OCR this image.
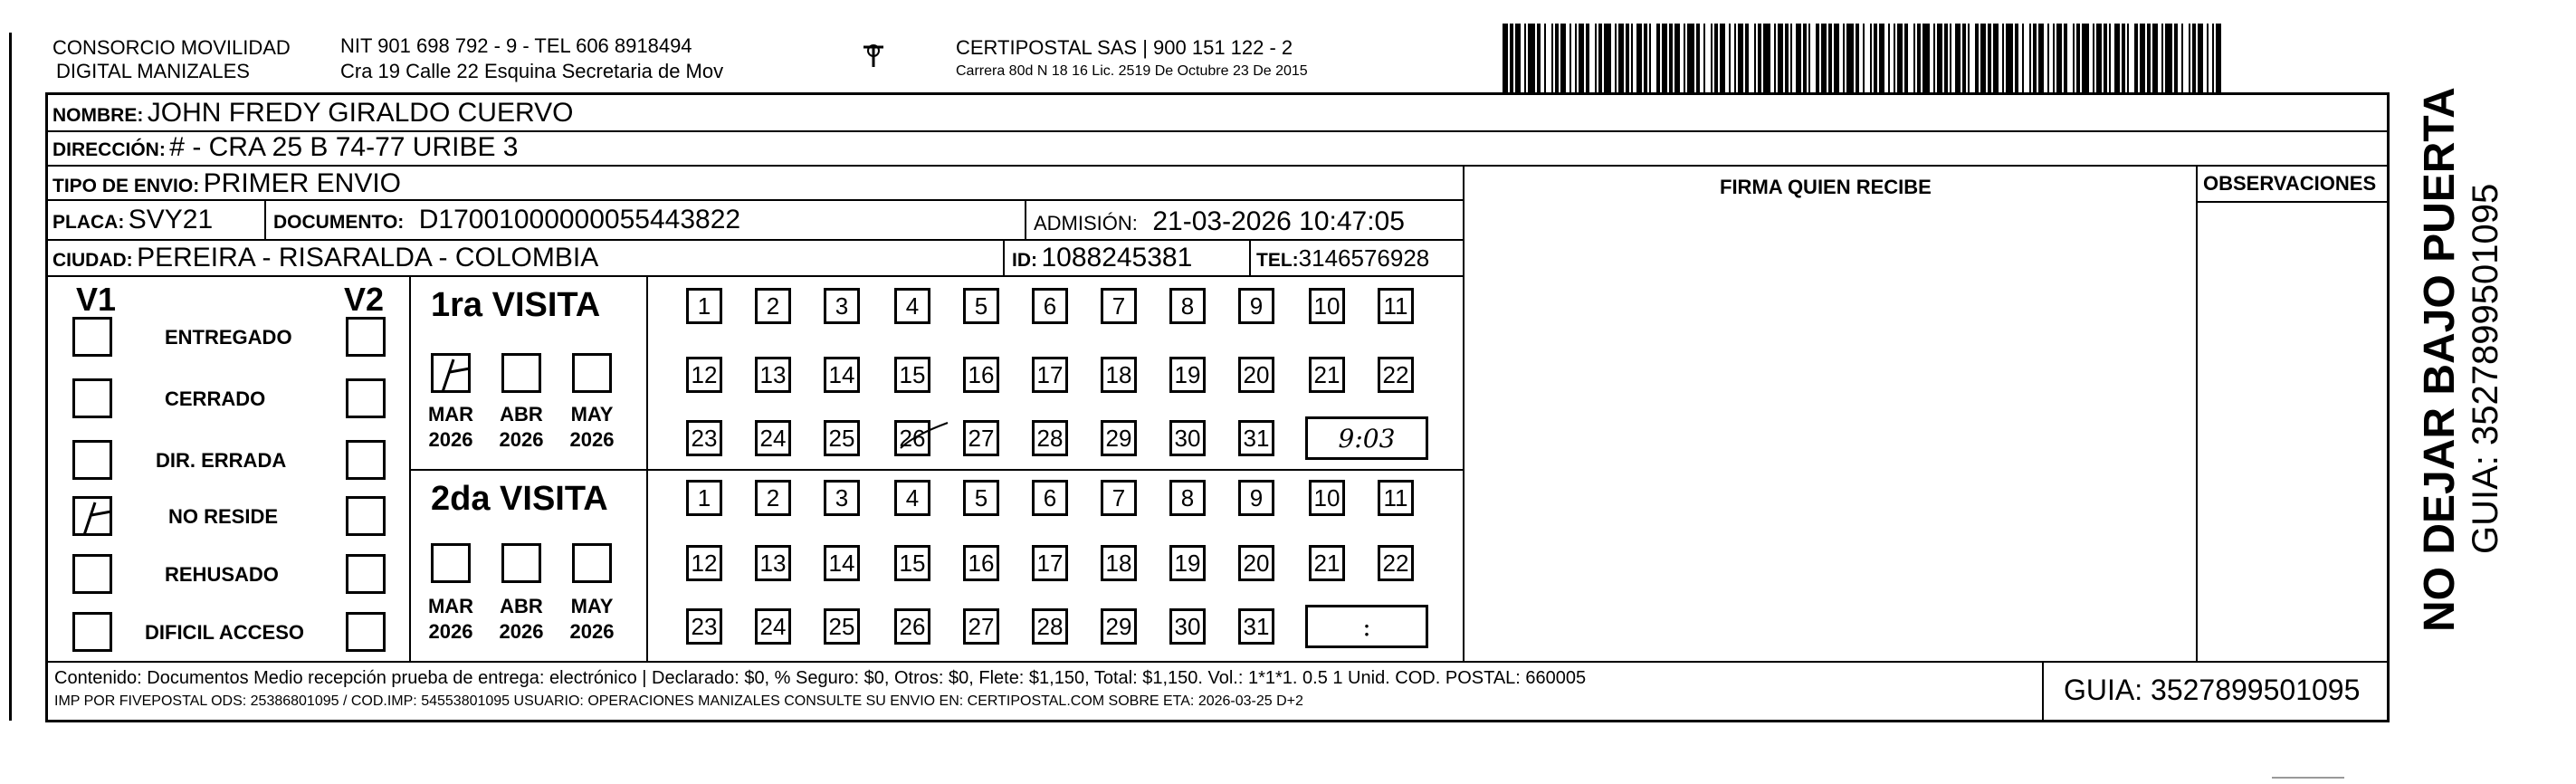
CONSORCIO MOVILIDAD
DIGITAL MANIZALES
NIT 901 698 792 - 9 - TEL 606 8918494
Cra 19 Calle 22 Esquina Secretaria de Mov
CERTIPOSTAL SAS | 900 151 122 - 2
Carrera 80d N 18 16 Lic. 2519 De Octubre 23 De 2015
NOMBRE: JOHN FREDY GIRALDO CUERVO
DIRECCIÓN: # - CRA 25 B 74-77 URIBE 3
TIPO DE ENVIO: PRIMER ENVIO	FIRMA QUIEN RECIBE	OBSERVACIONES
PLACA: SVY21	DOCUMENTO: D17001000000055443822	ADMISIÓN: 21-03-2026 10:47:05
CIUDAD: PEREIRA - RISARALDA - COLOMBIA	ID: 1088245381	TEL:3146576928
V1	V2
ENTREGADO
CERRADO
DIR. ERRADA
NO RESIDE
REHUSADO
DIFICIL ACCESO
1ra VISITA
2da VISITA
MAR
2026
ABR
2026
MAY
2026
MAR
2026
ABR
2026
MAY
2026
1	2	3	4	5	6	7	8	9	10 11
12 13 14 15 16 17 18 19 20 21 22
23 24 25 26 27 28 29 30 31	9:03
1	2	3	4	5	6	7	8	9	10 11
12 13 14 15 16 17 18 19 20 21 22
23 24 25 26 27 28 29 30 31	:
Contenido: Documentos Medio recepción prueba de entrega: electrónico | Declarado: $0, % Seguro: $0, Otros: $0, Flete: $1,150, Total: $1,150. Vol.: 1*1*1. 0.5 1 Unid. COD. POSTAL: 660005
IMP POR FIVEPOSTAL ODS: 25386801095 / COD.IMP: 54553801095 USUARIO: OPERACIONES MANIZALES CONSULTE SU ENVIO EN: CERTIPOSTAL.COM SOBRE ETA: 2026-03-25 D+2	GUIA: 3527899501095
NO DEJAR BAJO PUERTA GUIA: 3527899501095
